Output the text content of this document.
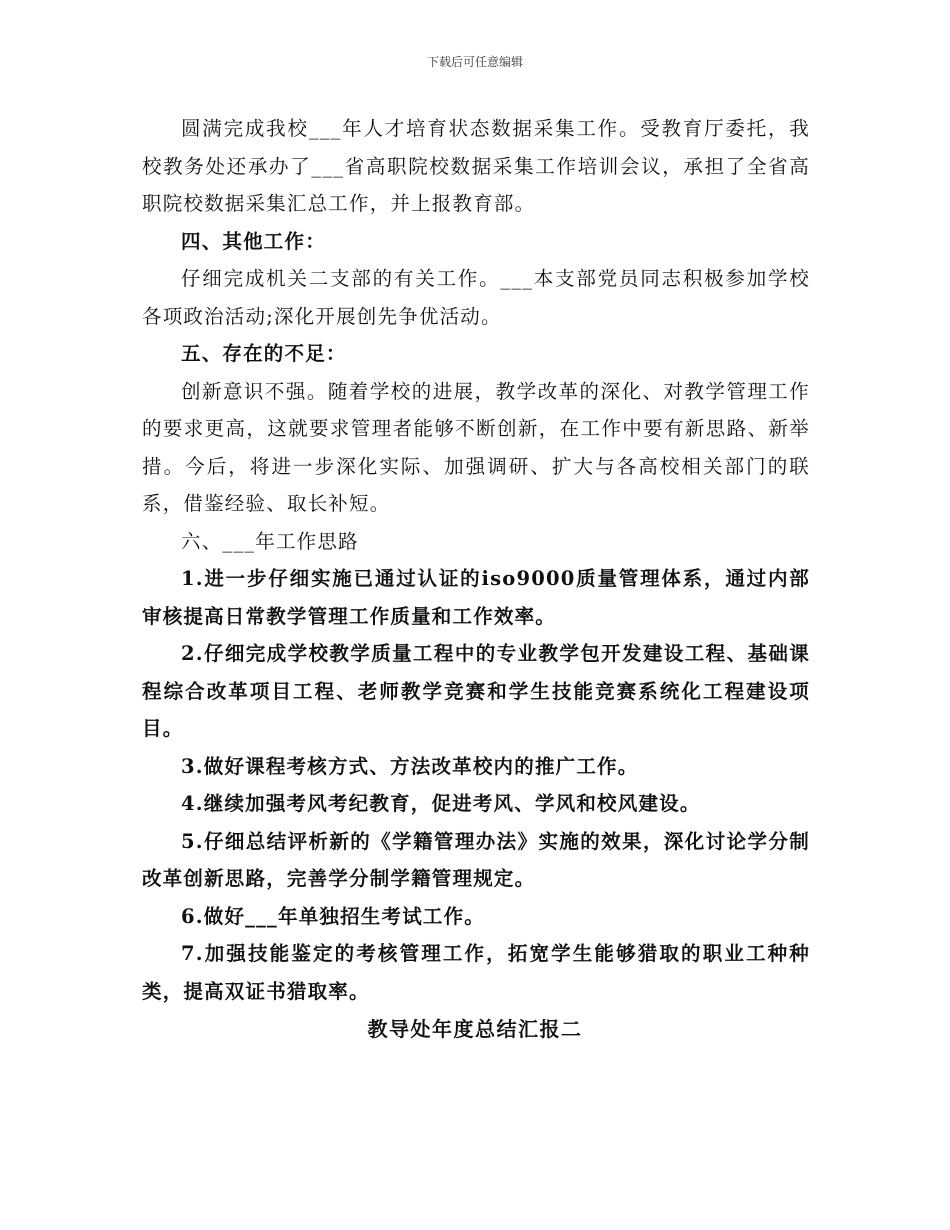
下载后可任意编辑

圆满完成我校___年人才培育状态数据采集工作。受教育厅委托，我校教务处还承办了___省高职院校数据采集工作培训会议，承担了全省高职院校数据采集汇总工作，并上报教育部。

四、其他工作：

仔细完成机关二支部的有关工作。___本支部党员同志积极参加学校各项政治活动;深化开展创先争优活动。

五、存在的不足：

创新意识不强。随着学校的进展，教学改革的深化、对教学管理工作的要求更高，这就要求管理者能够不断创新，在工作中要有新思路、新举措。今后，将进一步深化实际、加强调研、扩大与各高校相关部门的联系，借鉴经验、取长补短。

六、___年工作思路

1.进一步仔细实施已通过认证的iso9000质量管理体系，通过内部审核提高日常教学管理工作质量和工作效率。

2.仔细完成学校教学质量工程中的专业教学包开发建设工程、基础课程综合改革项目工程、老师教学竞赛和学生技能竞赛系统化工程建设项目。

3.做好课程考核方式、方法改革校内的推广工作。

4.继续加强考风考纪教育，促进考风、学风和校风建设。

5.仔细总结评析新的《学籍管理办法》实施的效果，深化讨论学分制改革创新思路，完善学分制学籍管理规定。

6.做好___年单独招生考试工作。

7.加强技能鉴定的考核管理工作，拓宽学生能够猎取的职业工种种类，提高双证书猎取率。

教导处年度总结汇报二
